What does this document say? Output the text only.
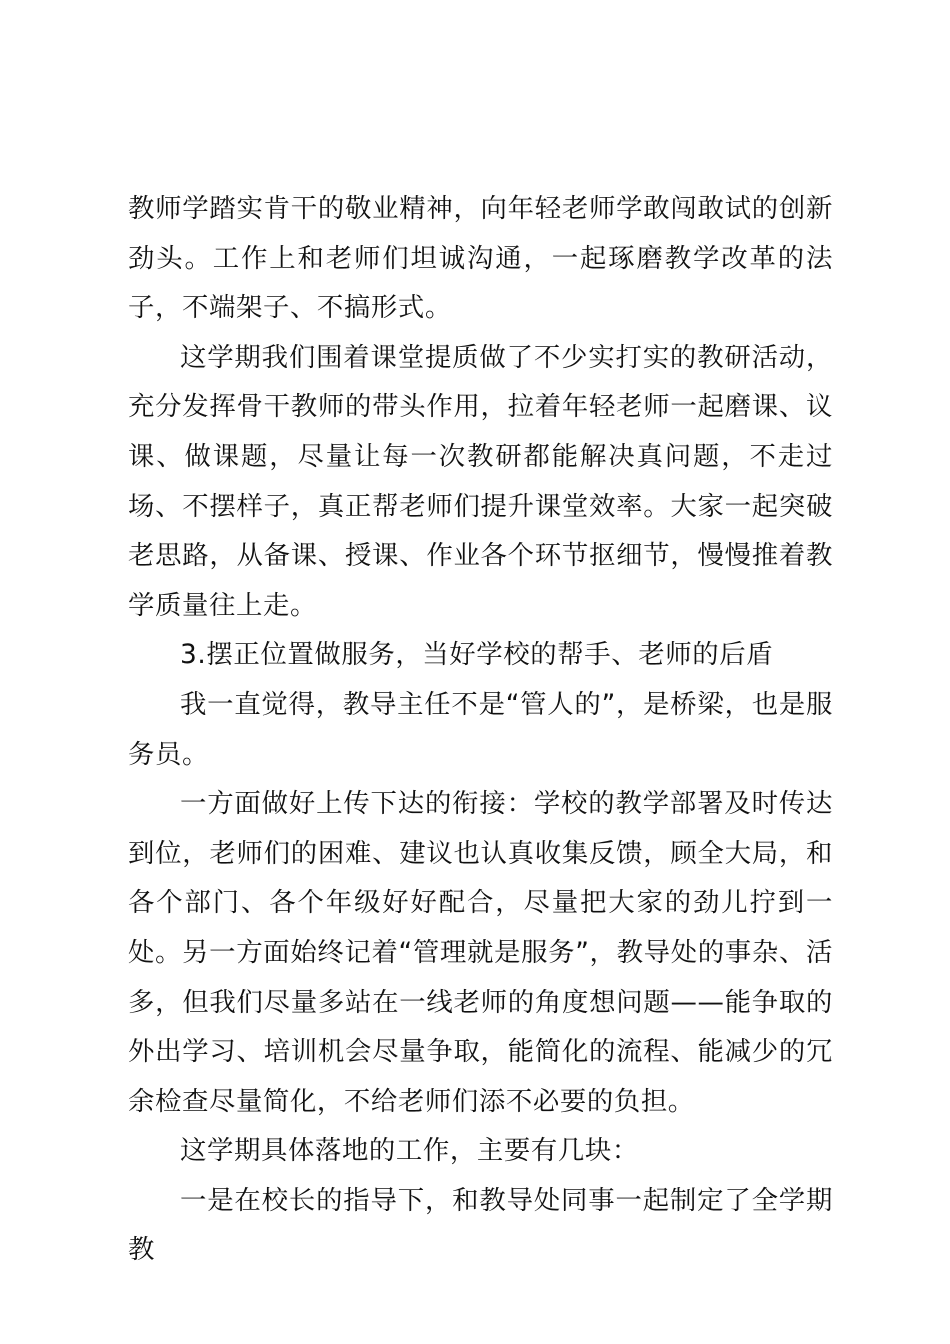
教师学踏实肯干的敬业精神，向年轻老师学敢闯敢试的创新劲头。工作上和老师们坦诚沟通，一起琢磨教学改革的法子，不端架子、不搞形式。

这学期我们围着课堂提质做了不少实打实的教研活动，充分发挥骨干教师的带头作用，拉着年轻老师一起磨课、议课、做课题，尽量让每一次教研都能解决真问题，不走过场、不摆样子，真正帮老师们提升课堂效率。大家一起突破老思路，从备课、授课、作业各个环节抠细节，慢慢推着教学质量往上走。

3.摆正位置做服务，当好学校的帮手、老师的后盾

我一直觉得，教导主任不是“管人的”，是桥梁，也是服务员。

一方面做好上传下达的衔接：学校的教学部署及时传达到位，老师们的困难、建议也认真收集反馈，顾全大局，和各个部门、各个年级好好配合，尽量把大家的劲儿拧到一处。另一方面始终记着“管理就是服务”，教导处的事杂、活多，但我们尽量多站在一线老师的角度想问题——能争取的外出学习、培训机会尽量争取，能简化的流程、能减少的冗余检查尽量简化，不给老师们添不必要的负担。

这学期具体落地的工作，主要有几块：

一是在校长的指导下，和教导处同事一起制定了全学期教
